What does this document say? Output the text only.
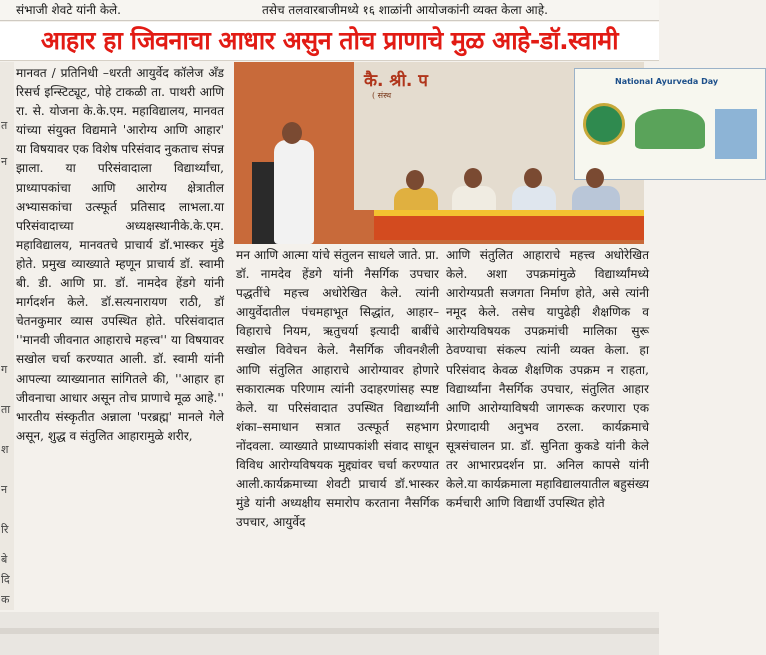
संभाजी शेवटे यांनी केले.	तसेच तलवारबाजीमध्ये १६ शाळांनी आयोजकांनी व्यक्त केला आहे.
आहार हा जिवनाचा आधार असुन तोच प्राणाचे मुळ आहे-डॉ.स्वामी
त
न
ग
ता
श
न
रि
बे
दि
क

मानवत / प्रतिनिधी –धरती आयुर्वेद कॉलेज अँड रिसर्च इन्स्टिट्यूट, पोहे टाकळी ता. पाथरी आणि रा. से. योजना के.के.एम. महाविद्यालय, मानवत यांच्या संयुक्त विद्यमाने 'आरोग्य आणि आहार' या विषयावर एक विशेष परिसंवाद नुकताच संपन्न झाला. या परिसंवादाला विद्यार्थ्यांचा, प्राध्यापकांचा आणि आरोग्य क्षेत्रातील अभ्यासकांचा उत्स्फूर्त प्रतिसाद लाभला.या परिसंवादाच्या अध्यक्षस्थानीके.के.एम. महाविद्यालय, मानवतचे प्राचार्य डॉ.भास्कर मुंडे होते. प्रमुख व्याख्याते म्हणून प्राचार्य डॉ. स्वामी बी. डी. आणि प्रा. डॉ. नामदेव हेंडगे यांनी मार्गदर्शन केले. डॉ.सत्यनारायण राठी, डॉ चेतनकुमार व्यास उपस्थित होते. परिसंवादात ''मानवी जीवनात आहाराचे महत्त्व'' या विषयावर सखोल चर्चा करण्यात आली. डॉ. स्वामी यांनी आपल्या व्याख्यानात सांगितले की, ''आहार हा जीवनाचा आधार असून तोच प्राणाचे मूळ आहे.'' भारतीय संस्कृतीत अन्नाला 'परब्रह्म' मानले गेले असून, शुद्ध व संतुलित आहारामुळे शरीर,

कै. श्री. प
( संस्थ
National Ayurveda Day

मन आणि आत्मा यांचे संतुलन साधले जाते. प्रा. डॉ. नामदेव हेंडगे यांनी नैसर्गिक उपचार पद्धतींचे महत्त्व अधोरेखित केले. त्यांनी आयुर्वेदातील पंचमहाभूत सिद्धांत, आहार–विहाराचे नियम, ऋतुचर्या इत्यादी बाबींचे सखोल विवेचन केले. नैसर्गिक जीवनशैली आणि संतुलित आहाराचे आरोग्यावर होणारे सकारात्मक परिणाम त्यांनी उदाहरणांसह स्पष्ट केले. या परिसंवादात उपस्थित विद्यार्थ्यांनी शंका–समाधान सत्रात उत्स्फूर्त सहभाग नोंदवला. व्याख्याते प्राध्यापकांशी संवाद साधून विविध आरोग्यविषयक मुद्द्यांवर चर्चा करण्यात आली.कार्यक्रमाच्या शेवटी प्राचार्य डॉ.भास्कर मुंडे यांनी अध्यक्षीय समारोप करताना नैसर्गिक उपचार, आयुर्वेद

आणि संतुलित आहाराचे महत्त्व अधोरेखित केले. अशा उपक्रमांमुळे विद्यार्थ्यांमध्ये आरोग्यप्रती सजगता निर्माण होते, असे त्यांनी नमूद केले. तसेच यापुढेही शैक्षणिक व आरोग्यविषयक उपक्रमांची मालिका सुरू ठेवण्याचा संकल्प त्यांनी व्यक्त केला. हा परिसंवाद केवळ शैक्षणिक उपक्रम न राहता, विद्यार्थ्यांना नैसर्गिक उपचार, संतुलित आहार आणि आरोग्याविषयी जागरूक करणारा एक प्रेरणादायी अनुभव ठरला. कार्यक्रमाचे सूत्रसंचालन प्रा. डॉ. सुनिता कुकडे यांनी केले तर आभारप्रदर्शन प्रा. अनिल कापसे यांनी केले.या कार्यक्रमाला महाविद्यालयातील बहुसंख्य कर्मचारी आणि विद्यार्थी उपस्थित होते
